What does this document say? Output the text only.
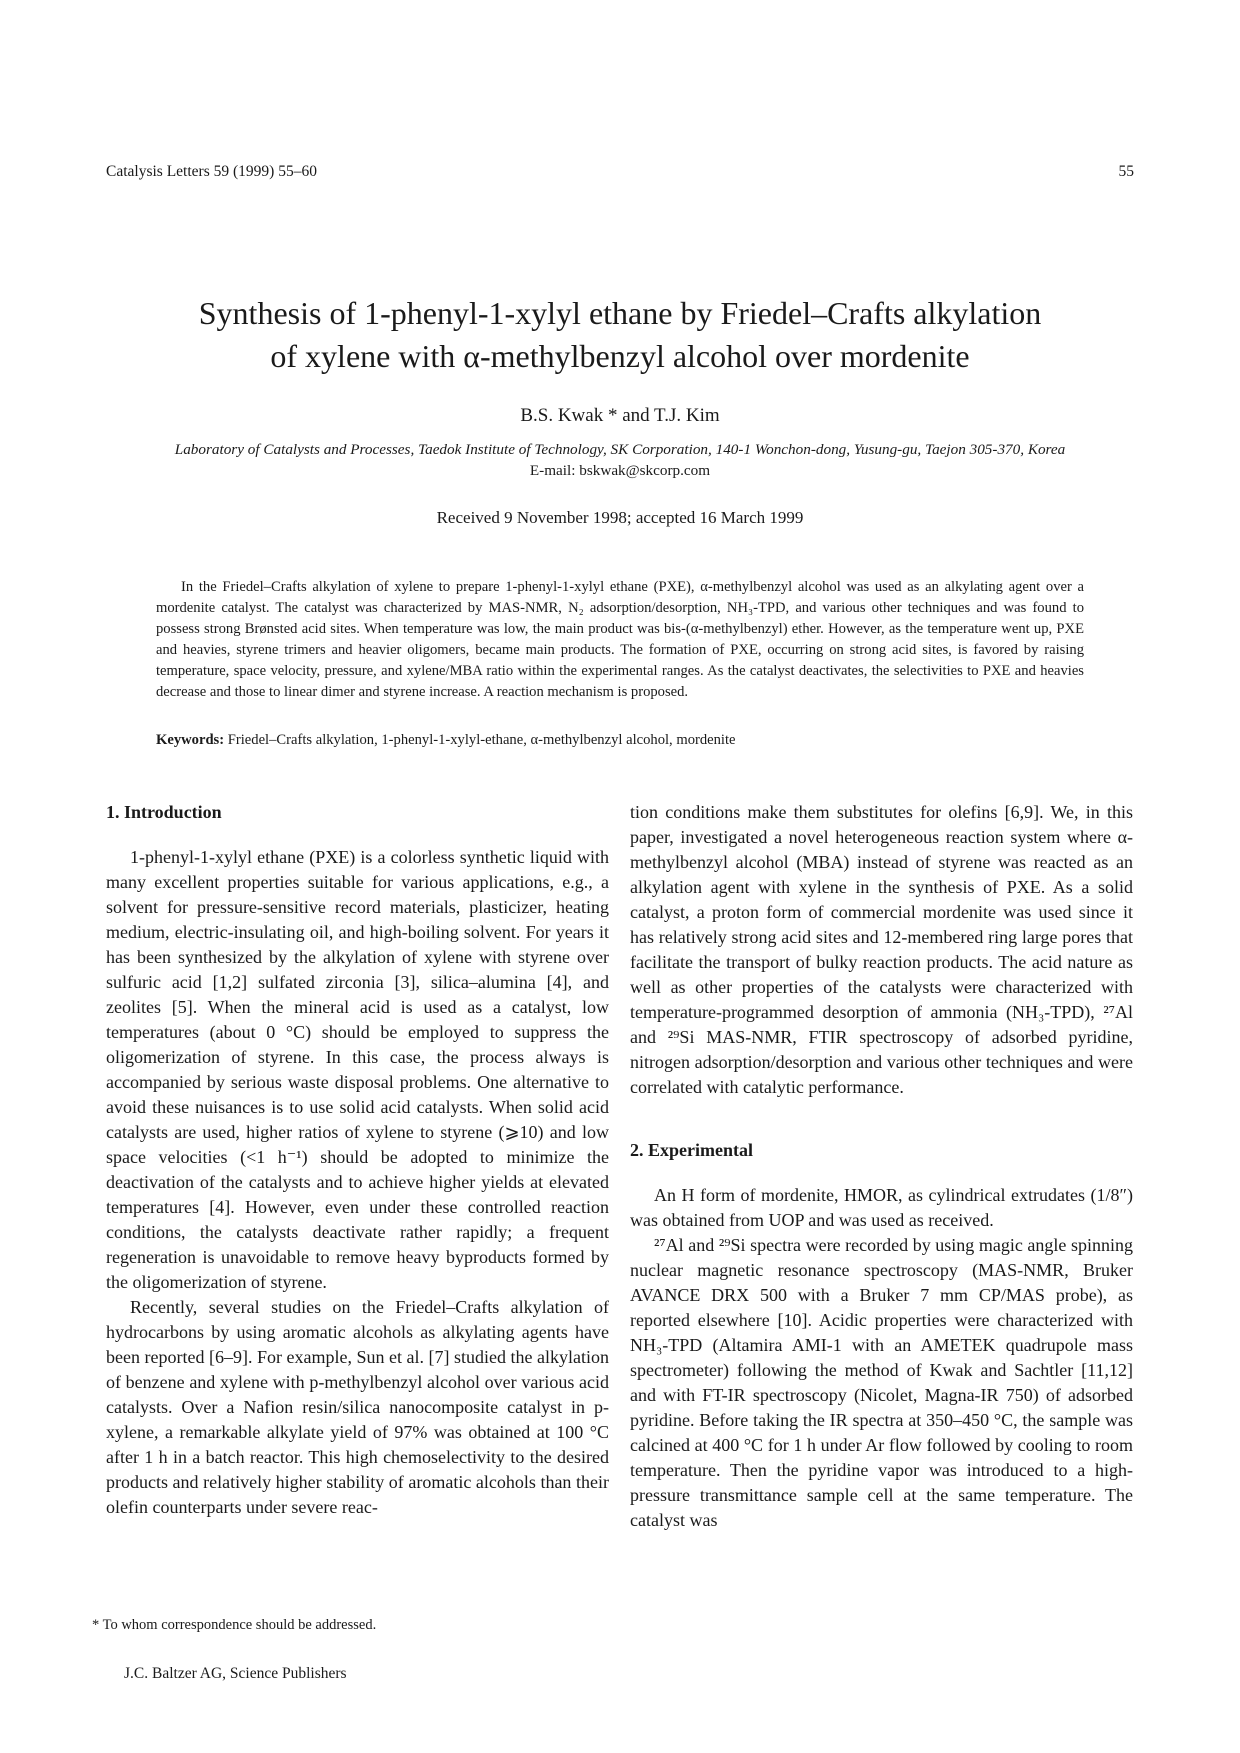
Catalysis Letters 59 (1999) 55–60	55
Synthesis of 1-phenyl-1-xylyl ethane by Friedel–Crafts alkylation
of xylene with α-methylbenzyl alcohol over mordenite
B.S. Kwak * and T.J. Kim
Laboratory of Catalysts and Processes, Taedok Institute of Technology, SK Corporation, 140-1 Wonchon-dong, Yusung-gu, Taejon 305-370, Korea
E-mail: bskwak@skcorp.com
Received 9 November 1998; accepted 16 March 1999

In the Friedel–Crafts alkylation of xylene to prepare 1-phenyl-1-xylyl ethane (PXE), α-methylbenzyl alcohol was used as an alkylating agent over a mordenite catalyst. The catalyst was characterized by MAS-NMR, N₂ adsorption/desorption, NH₃-TPD, and various other techniques and was found to possess strong Brønsted acid sites. When temperature was low, the main product was bis-(α-methylbenzyl) ether. However, as the temperature went up, PXE and heavies, styrene trimers and heavier oligomers, became main products. The formation of PXE, occurring on strong acid sites, is favored by raising temperature, space velocity, pressure, and xylene/MBA ratio within the experimental ranges. As the catalyst deactivates, the selectivities to PXE and heavies decrease and those to linear dimer and styrene increase. A reaction mechanism is proposed.

Keywords: Friedel–Crafts alkylation, 1-phenyl-1-xylyl-ethane, α-methylbenzyl alcohol, mordenite
1. Introduction

1-phenyl-1-xylyl ethane (PXE) is a colorless synthetic liquid with many excellent properties suitable for various applications, e.g., a solvent for pressure-sensitive record materials, plasticizer, heating medium, electric-insulating oil, and high-boiling solvent. For years it has been synthesized by the alkylation of xylene with styrene over sulfuric acid [1,2] sulfated zirconia [3], silica–alumina [4], and zeolites [5]. When the mineral acid is used as a catalyst, low temperatures (about 0 °C) should be employed to suppress the oligomerization of styrene. In this case, the process always is accompanied by serious waste disposal problems. One alternative to avoid these nuisances is to use solid acid catalysts. When solid acid catalysts are used, higher ratios of xylene to styrene (⩾10) and low space velocities (<1 h⁻¹) should be adopted to minimize the deactivation of the catalysts and to achieve higher yields at elevated temperatures [4]. However, even under these controlled reaction conditions, the catalysts deactivate rather rapidly; a frequent regeneration is unavoidable to remove heavy byproducts formed by the oligomerization of styrene.

Recently, several studies on the Friedel–Crafts alkylation of hydrocarbons by using aromatic alcohols as alkylating agents have been reported [6–9]. For example, Sun et al. [7] studied the alkylation of benzene and xylene with p-methylbenzyl alcohol over various acid catalysts. Over a Nafion resin/silica nanocomposite catalyst in p-xylene, a remarkable alkylate yield of 97% was obtained at 100 °C after 1 h in a batch reactor. This high chemoselectivity to the desired products and relatively higher stability of aromatic alcohols than their olefin counterparts under severe reac-

tion conditions make them substitutes for olefins [6,9]. We, in this paper, investigated a novel heterogeneous reaction system where α-methylbenzyl alcohol (MBA) instead of styrene was reacted as an alkylation agent with xylene in the synthesis of PXE. As a solid catalyst, a proton form of commercial mordenite was used since it has relatively strong acid sites and 12-membered ring large pores that facilitate the transport of bulky reaction products. The acid nature as well as other properties of the catalysts were characterized with temperature-programmed desorption of ammonia (NH₃-TPD), ²⁷Al and ²⁹Si MAS-NMR, FTIR spectroscopy of adsorbed pyridine, nitrogen adsorption/desorption and various other techniques and were correlated with catalytic performance.

2. Experimental

An H form of mordenite, HMOR, as cylindrical extrudates (1/8″) was obtained from UOP and was used as received.

²⁷Al and ²⁹Si spectra were recorded by using magic angle spinning nuclear magnetic resonance spectroscopy (MAS-NMR, Bruker AVANCE DRX 500 with a Bruker 7 mm CP/MAS probe), as reported elsewhere [10]. Acidic properties were characterized with NH₃-TPD (Altamira AMI-1 with an AMETEK quadrupole mass spectrometer) following the method of Kwak and Sachtler [11,12] and with FT-IR spectroscopy (Nicolet, Magna-IR 750) of adsorbed pyridine. Before taking the IR spectra at 350–450 °C, the sample was calcined at 400 °C for 1 h under Ar flow followed by cooling to room temperature. Then the pyridine vapor was introduced to a high-pressure transmittance sample cell at the same temperature. The catalyst was

* To whom correspondence should be addressed.
J.C. Baltzer AG, Science Publishers
